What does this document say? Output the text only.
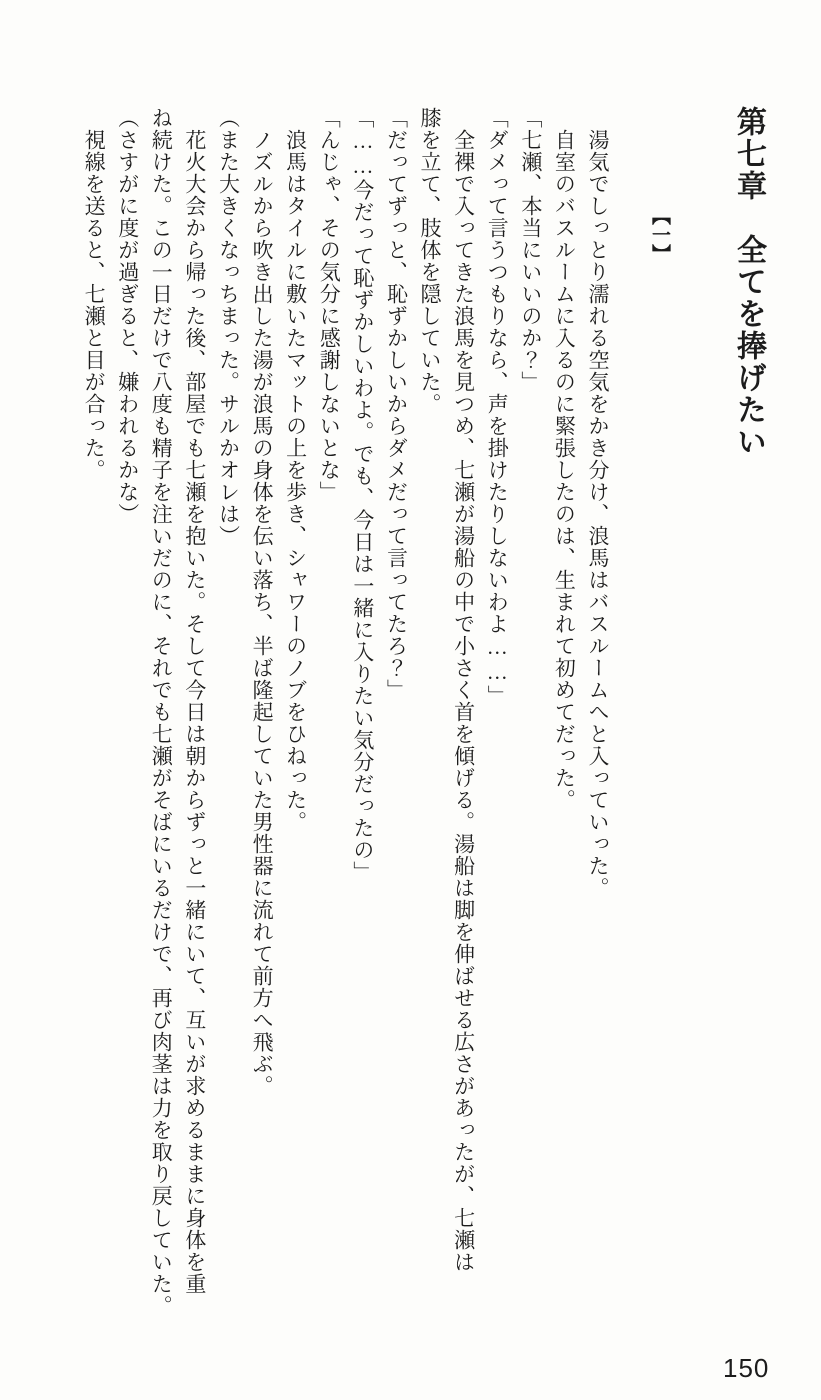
第七章　全てを捧げたい
【一】
　湯気でしっとり濡れる空気をかき分け、浪馬はバスルームへと入っていった。
　自室のバスルームに入るのに緊張したのは、生まれて初めてだった。
「七瀬、本当にいいのか？」
「ダメって言うつもりなら、声を掛けたりしないわよ……」
　全裸で入ってきた浪馬を見つめ、七瀬が湯船の中で小さく首を傾げる。湯船は脚を伸ばせる広さがあったが、七瀬は
膝を立て、肢体を隠していた。
「だってずっと、恥ずかしいからダメだって言ってたろ？」
「……今だって恥ずかしいわよ。でも、今日は一緒に入りたい気分だったの」
「んじゃ、その気分に感謝しないとな」
　浪馬はタイルに敷いたマットの上を歩き、シャワーのノブをひねった。
　ノズルから吹き出した湯が浪馬の身体を伝い落ち、半ば隆起していた男性器に流れて前方へ飛ぶ。
（また大きくなっちまった。サルかオレは）
　花火大会から帰った後、部屋でも七瀬を抱いた。そして今日は朝からずっと一緒にいて、互いが求めるままに身体を重
ね続けた。この一日だけで八度も精子を注いだのに、それでも七瀬がそばにいるだけで、再び肉茎は力を取り戻していた。
（さすがに度が過ぎると、嫌われるかな）
　視線を送ると、七瀬と目が合った。
150
